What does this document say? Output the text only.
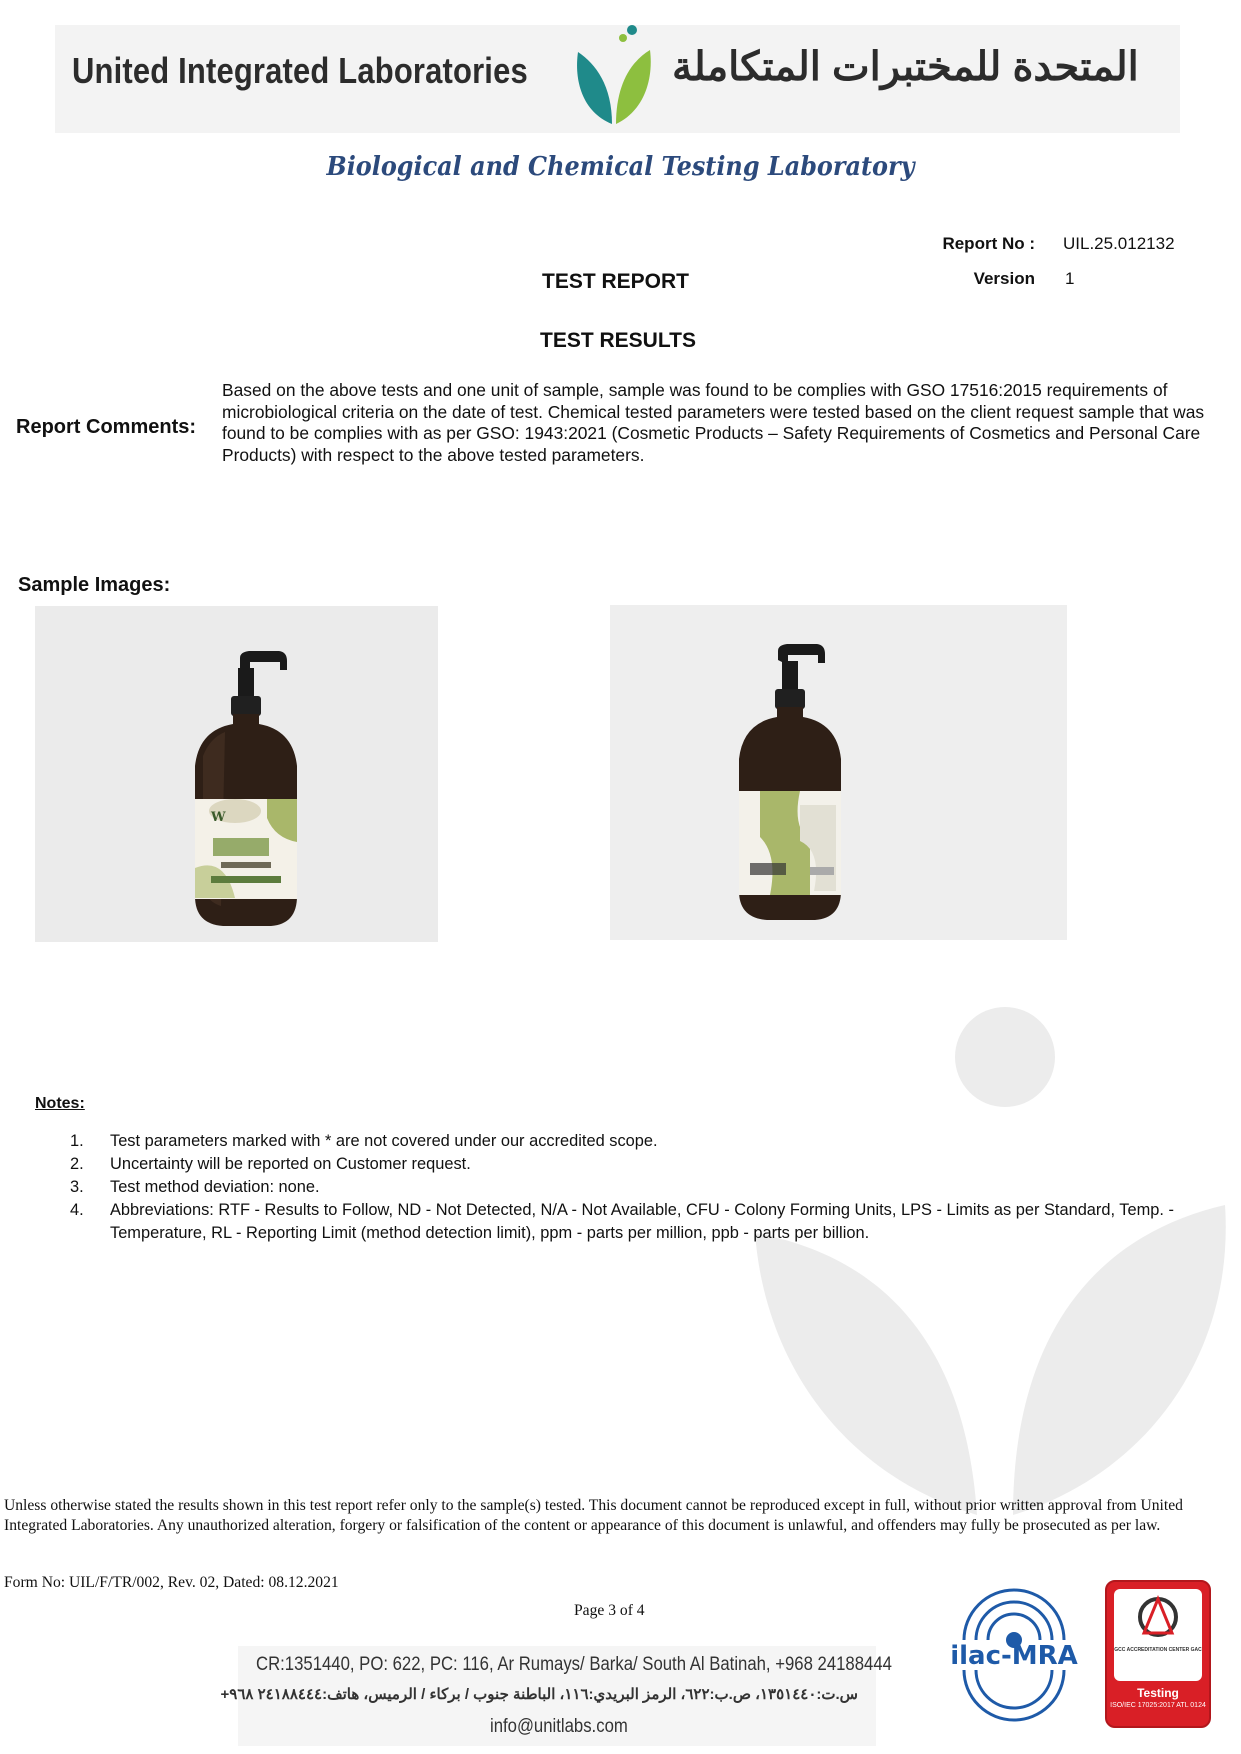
United Integrated Laboratories	المتحدة للمختبرات المتكاملة
Biological and Chemical Testing Laboratory
Report No : UIL.25.012132
Version 1
TEST REPORT
TEST RESULTS
Report Comments:
Based on the above tests and one unit of sample, sample was found to be complies with GSO 17516:2015 requirements of microbiological criteria on the date of test. Chemical tested parameters were tested based on the client request sample that was found to be complies with as per GSO: 1943:2021 (Cosmetic Products – Safety Requirements of Cosmetics and Personal Care Products) with respect to the above tested parameters.
Sample Images:
W
Notes:
1.	Test parameters marked with * are not covered under our accredited scope.
2.	Uncertainty will be reported on Customer request.
3.	Test method deviation: none.
4.	Abbreviations: RTF - Results to Follow, ND - Not Detected, N/A - Not Available, CFU - Colony Forming Units, LPS - Limits as per Standard, Temp. -Temperature, RL - Reporting Limit (method detection limit), ppm - parts per million, ppb - parts per billion.
Unless otherwise stated the results shown in this test report refer only to the sample(s) tested. This document cannot be reproduced except in full, without prior written approval from United Integrated Laboratories. Any unauthorized alteration, forgery or falsification of the content or appearance of this document is unlawful, and offenders may fully be prosecuted as per law.
Form No: UIL/F/TR/002, Rev. 02, Dated: 08.12.2021
Page 3 of 4
CR:1351440, PO: 622, PC: 116, Ar Rumays/ Barka/ South Al Batinah, +968 24188444
س.ت:١٣٥١٤٤٠، ص.ب:٦٢٢، الرمز البريدي:١١٦، الباطنة جنوب / بركاء / الرميس، هاتف:٢٤١٨٨٤٤٤ ٩٦٨+
info@unitlabs.com
ilac-MRA	GCC ACCREDITATION CENTER GAC
Testing
ISO/IEC 17025:2017 ATL 0124
